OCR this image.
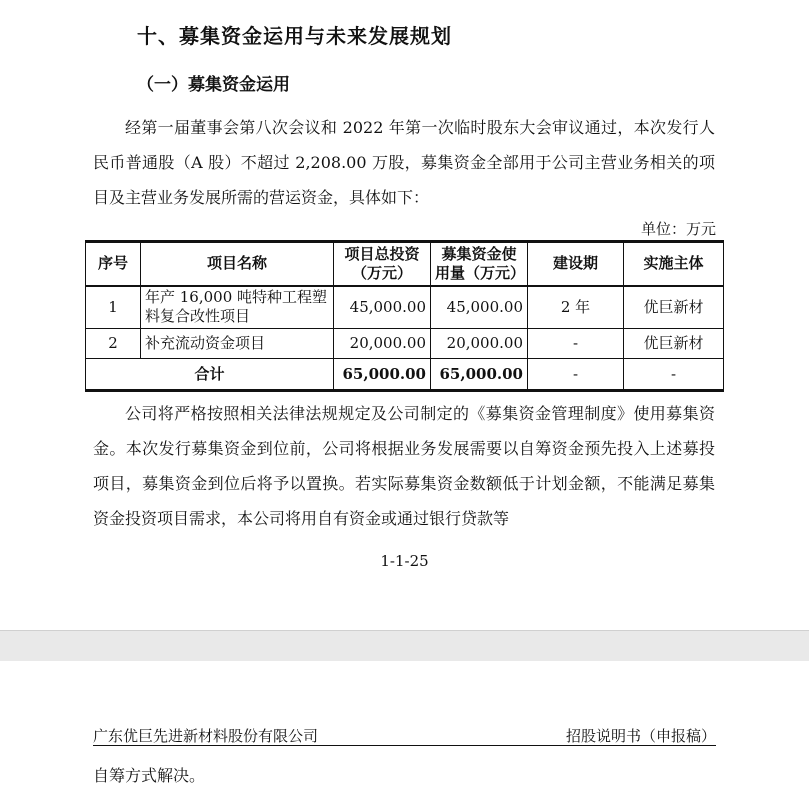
十、募集资金运用与未来发展规划
（一）募集资金运用

经第一届董事会第八次会议和 2022 年第一次临时股东大会审议通过，本次发行人民币普通股（A 股）不超过 2,208.00 万股，募集资金全部用于公司主营业务相关的项目及主营业务发展所需的营运资金，具体如下：

单位：万元
序号	项目名称	项目总投资（万元）	募集资金使用量（万元）	建设期	实施主体
1	年产 16,000 吨特种工程塑料复合改性项目	45,000.00	45,000.00	2 年	优巨新材
2	补充流动资金项目	20,000.00	20,000.00	-	优巨新材
合计		65,000.00	65,000.00	-	-

公司将严格按照相关法律法规规定及公司制定的《募集资金管理制度》使用募集资金。本次发行募集资金到位前，公司将根据业务发展需要以自筹资金预先投入上述募投项目，募集资金到位后将予以置换。若实际募集资金数额低于计划金额，不能满足募集资金投资项目需求，本公司将用自有资金或通过银行贷款等

1-1-25
广东优巨先进新材料股份有限公司	招股说明书（申报稿）
自筹方式解决。
